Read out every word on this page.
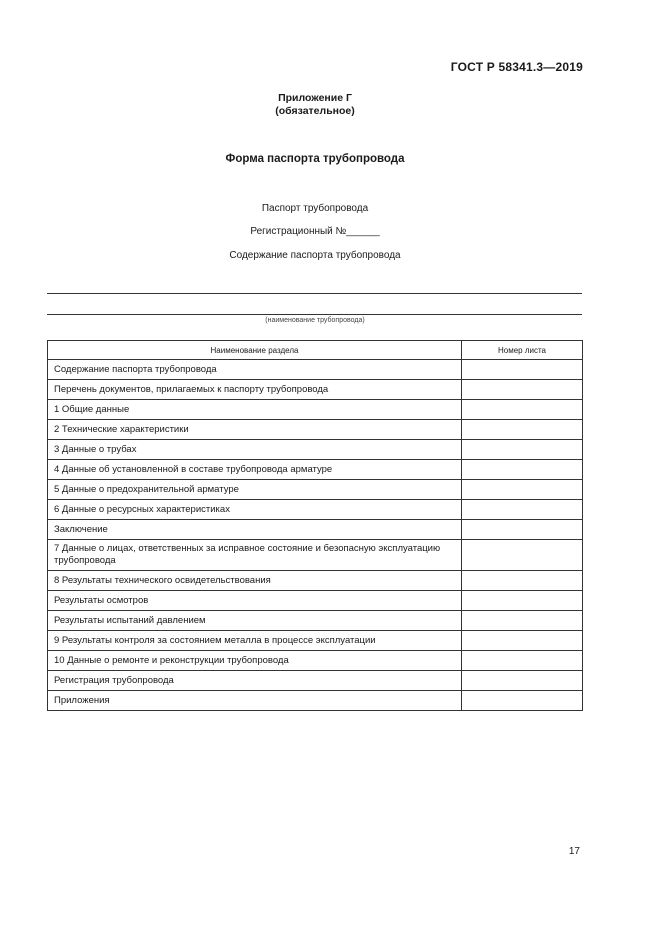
ГОСТ Р 58341.3—2019
Приложение Г
(обязательное)
Форма паспорта трубопровода
Паспорт трубопровода
Регистрационный №______
Содержание паспорта трубопровода
(наименование трубопровода)
Наименование раздела	Номер листа
Содержание паспорта трубопровода	
Перечень документов, прилагаемых к паспорту трубопровода	
1 Общие данные	
2 Технические характеристики	
3 Данные о трубах	
4 Данные об установленной в составе трубопровода арматуре	
5 Данные о предохранительной арматуре	
6 Данные о ресурсных характеристиках	
Заключение	
7 Данные о лицах, ответственных за исправное состояние и безопасную эксплуатацию трубопровода	
8 Результаты технического освидетельствования	
Результаты осмотров	
Результаты испытаний давлением	
9 Результаты контроля за состоянием металла в процессе эксплуатации	
10 Данные о ремонте и реконструкции трубопровода	
Регистрация трубопровода	
Приложения	
17
